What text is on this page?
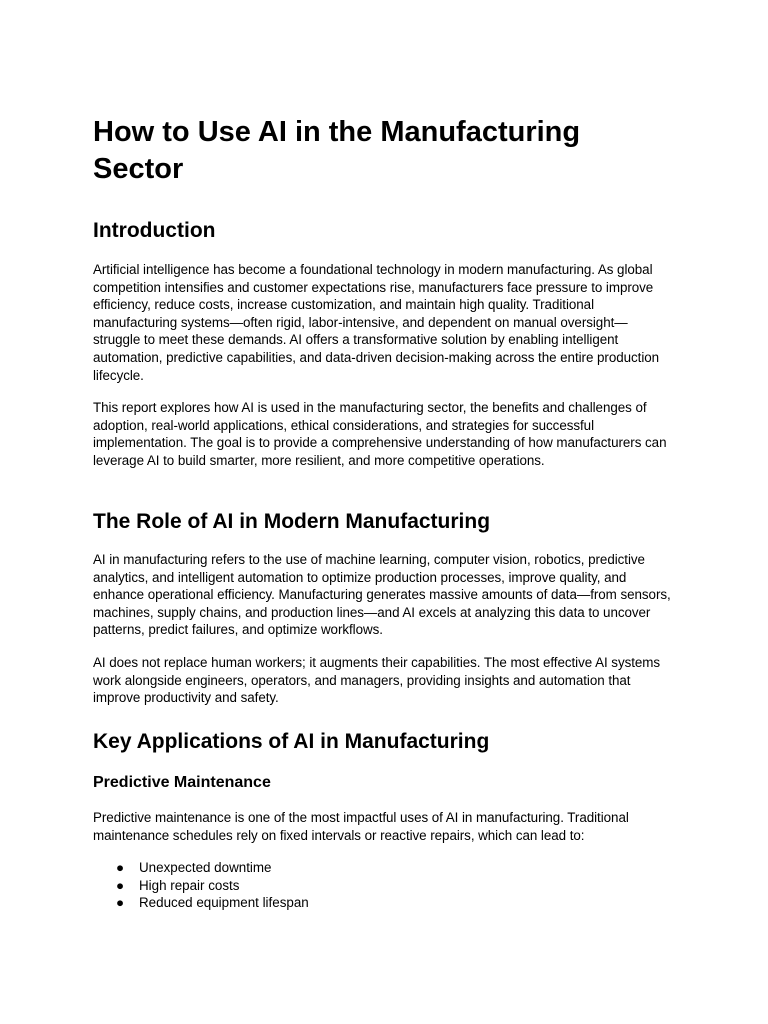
How to Use AI in the Manufacturing Sector
Introduction

Artificial intelligence has become a foundational technology in modern manufacturing. As global competition intensifies and customer expectations rise, manufacturers face pressure to improve efficiency, reduce costs, increase customization, and maintain high quality. Traditional manufacturing systems—often rigid, labor-intensive, and dependent on manual oversight—struggle to meet these demands. AI offers a transformative solution by enabling intelligent automation, predictive capabilities, and data-driven decision-making across the entire production lifecycle.

This report explores how AI is used in the manufacturing sector, the benefits and challenges of adoption, real-world applications, ethical considerations, and strategies for successful implementation. The goal is to provide a comprehensive understanding of how manufacturers can leverage AI to build smarter, more resilient, and more competitive operations.

The Role of AI in Modern Manufacturing

AI in manufacturing refers to the use of machine learning, computer vision, robotics, predictive analytics, and intelligent automation to optimize production processes, improve quality, and enhance operational efficiency. Manufacturing generates massive amounts of data—from sensors, machines, supply chains, and production lines—and AI excels at analyzing this data to uncover patterns, predict failures, and optimize workflows.

AI does not replace human workers; it augments their capabilities. The most effective AI systems work alongside engineers, operators, and managers, providing insights and automation that improve productivity and safety.

Key Applications of AI in Manufacturing
Predictive Maintenance

Predictive maintenance is one of the most impactful uses of AI in manufacturing. Traditional maintenance schedules rely on fixed intervals or reactive repairs, which can lead to:

● Unexpected downtime
● High repair costs
● Reduced equipment lifespan
